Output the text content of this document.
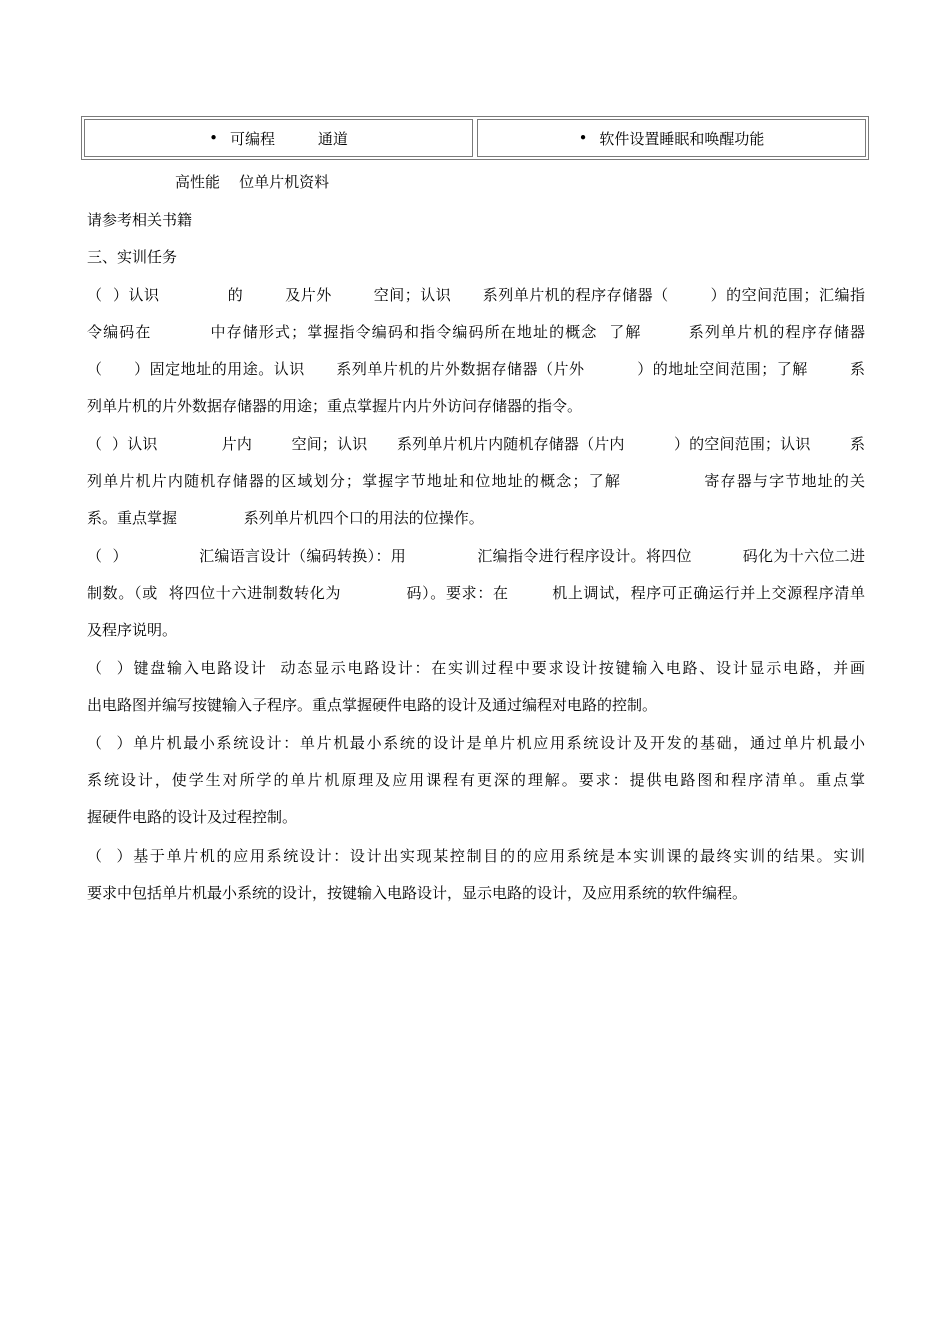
• 可编程         通道	• 软件设置睡眠和唤醒功能
高性能    位单片机资料
请参考相关书籍
三、实训任务
（  ）认识             的        及片外        空间；认识      系列单片机的程序存储器（        ）的空间范围；汇编指
令编码在          中存储形式；掌握指令编码和指令编码所在地址的概念  了解        系列单片机的程序存储器
（      ）固定地址的用途。认识      系列单片机的片外数据存储器（片外          ）的地址空间范围；了解        系
列单片机的片外数据存储器的用途；重点掌握片内片外访问存储器的指令。
（  ）认识             片内        空间；认识      系列单片机片内随机存储器（片内          ）的空间范围；认识        系
列单片机片内随机存储器的区域划分；掌握字节地址和位地址的概念；了解              寄存器与字节地址的关
系。重点掌握              系列单片机四个口的用法的位操作。
（  ）              汇编语言设计（编码转换）：用              汇编指令进行程序设计。将四位          码化为十六位二进
制数。（或  将四位十六进制数转化为            码）。要求：在        机上调试，程序可正确运行并上交源程序清单
及程序说明。
（  ）键盘输入电路设计  动态显示电路设计：在实训过程中要求设计按键输入电路、设计显示电路，并画
出电路图并编写按键输入子程序。重点掌握硬件电路的设计及通过编程对电路的控制。
（  ）单片机最小系统设计：单片机最小系统的设计是单片机应用系统设计及开发的基础，通过单片机最小
系统设计，使学生对所学的单片机原理及应用课程有更深的理解。要求：提供电路图和程序清单。重点掌
握硬件电路的设计及过程控制。
（  ）基于单片机的应用系统设计：设计出实现某控制目的的应用系统是本实训课的最终实训的结果。实训
要求中包括单片机最小系统的设计，按键输入电路设计，显示电路的设计，及应用系统的软件编程。
